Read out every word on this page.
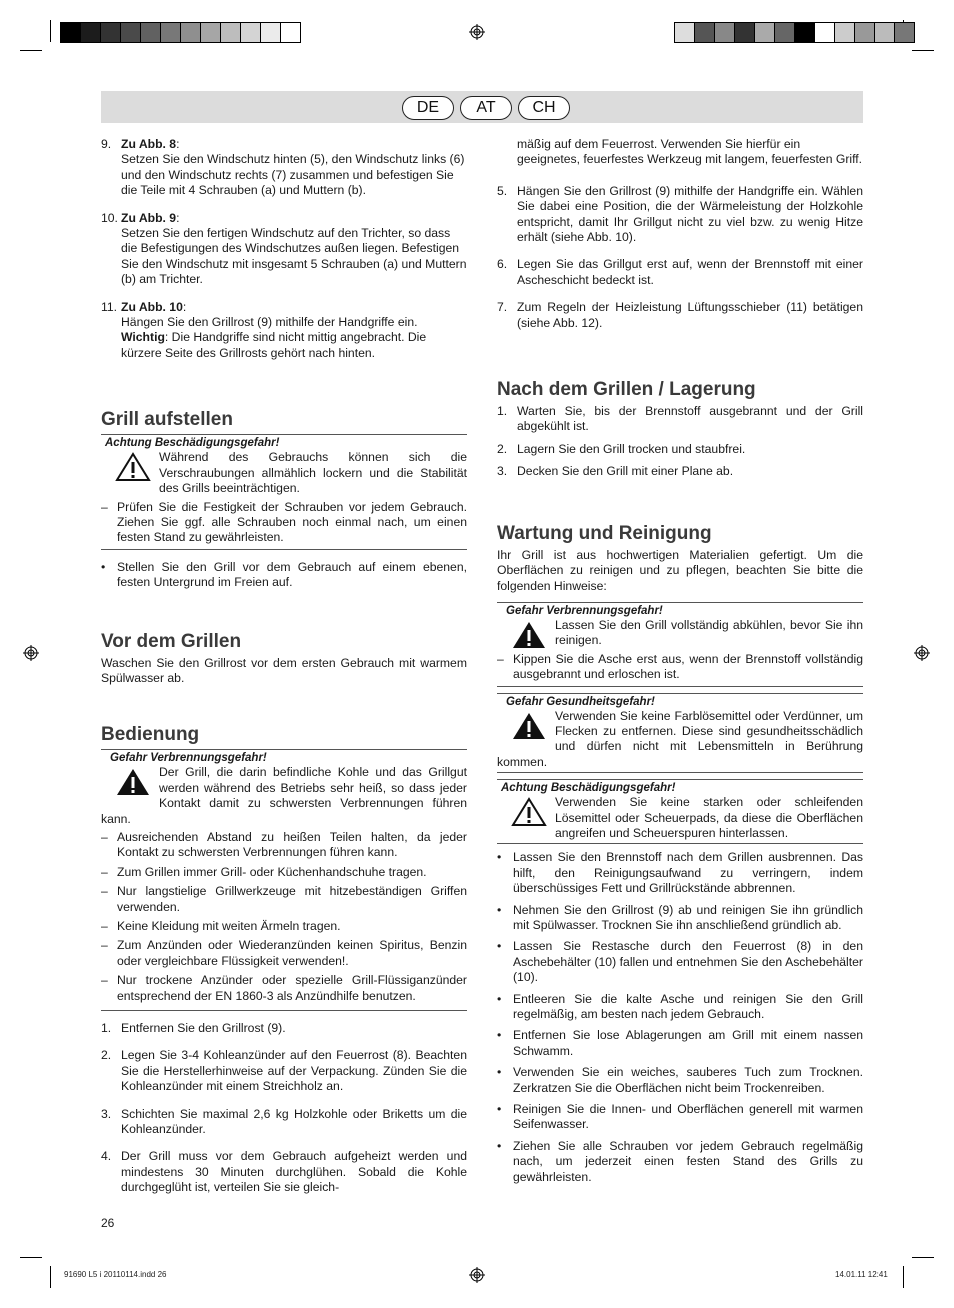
DE	AT	CH
9. Zu Abb. 8:
Setzen Sie den Windschutz hinten (5), den Windschutz links (6) und den Windschutz rechts (7) zusammen und befestigen Sie die Teile mit 4 Schrauben (a) und Muttern (b).
10. Zu Abb. 9:
Setzen Sie den fertigen Windschutz auf den Trichter, so dass die Befestigungen des Windschutzes außen liegen. Befestigen Sie den Windschutz mit insgesamt 5 Schrauben (a) und Muttern (b) am Trichter.
11. Zu Abb. 10:
Hängen Sie den Grillrost (9) mithilfe der Handgriffe ein.
Wichtig: Die Handgriffe sind nicht mittig angebracht. Die kürzere Seite des Grillrosts gehört nach hinten.
Grill aufstellen
Achtung Beschädigungsgefahr!
Während des Gebrauchs können sich die Verschraubungen allmählich lockern und die Stabilität des Grills beeinträchtigen.
– Prüfen Sie die Festigkeit der Schrauben vor jedem Gebrauch. Ziehen Sie ggf. alle Schrauben noch einmal nach, um einen festen Stand zu gewährleisten.
• Stellen Sie den Grill vor dem Gebrauch auf einem ebenen, festen Untergrund im Freien auf.
Vor dem Grillen

Waschen Sie den Grillrost vor dem ersten Gebrauch mit warmem Spülwasser ab.

Bedienung
Gefahr Verbrennungsgefahr!
Der Grill, die darin befindliche Kohle und das Grillgut werden während des Betriebs sehr heiß, so dass jeder Kontakt damit zu schwersten Verbrennungen führen kann.
– Ausreichenden Abstand zu heißen Teilen halten, da jeder Kontakt zu schwersten Verbrennungen führen kann.
– Zum Grillen immer Grill- oder Küchenhandschuhe tragen.
– Nur langstielige Grillwerkzeuge mit hitzebeständigen Griffen verwenden.
– Keine Kleidung mit weiten Ärmeln tragen.
– Zum Anzünden oder Wiederanzünden keinen Spiritus, Benzin oder vergleichbare Flüssigkeit verwenden!.
– Nur trockene Anzünder oder spezielle Grill-Flüssiganzünder entsprechend der EN 1860-3 als Anzündhilfe benutzen.
1. Entfernen Sie den Grillrost (9).
2. Legen Sie 3-4 Kohleanzünder auf den Feuerrost (8). Beachten Sie die Herstellerhinweise auf der Verpackung. Zünden Sie die Kohleanzünder mit einem Streichholz an.
3. Schichten Sie maximal 2,6 kg Holzkohle oder Briketts um die Kohleanzünder.
4. Der Grill muss vor dem Gebrauch aufgeheizt werden und mindestens 30 Minuten durchglühen. Sobald die Kohle durchgeglüht ist, verteilen Sie sie gleich-
mäßig auf dem Feuerrost. Verwenden Sie hierfür ein geeignetes, feuerfestes Werkzeug mit langem, feuerfesten Griff.
5. Hängen Sie den Grillrost (9) mithilfe der Handgriffe ein. Wählen Sie dabei eine Position, die der Wärmeleistung der Holzkohle entspricht, damit Ihr Grillgut nicht zu viel bzw. zu wenig Hitze erhält (siehe Abb. 10).
6. Legen Sie das Grillgut erst auf, wenn der Brennstoff mit einer Ascheschicht bedeckt ist.
7. Zum Regeln der Heizleistung Lüftungsschieber (11) betätigen (siehe Abb. 12).
Nach dem Grillen / Lagerung
1. Warten Sie, bis der Brennstoff ausgebrannt und der Grill abgekühlt ist.
2. Lagern Sie den Grill trocken und staubfrei.
3. Decken Sie den Grill mit einer Plane ab.
Wartung und Reinigung

Ihr Grill ist aus hochwertigen Materialien gefertigt. Um die Oberflächen zu reinigen und zu pflegen, beachten Sie bitte die folgenden Hinweise:

Gefahr Verbrennungsgefahr!
Lassen Sie den Grill vollständig abkühlen, bevor Sie ihn reinigen.
– Kippen Sie die Asche erst aus, wenn der Brennstoff vollständig ausgebrannt und erloschen ist.
Gefahr Gesundheitsgefahr!
Verwenden Sie keine Farblösemittel oder Verdünner, um Flecken zu entfernen. Diese sind gesundheitsschädlich und dürfen nicht mit Lebensmitteln in Berührung kommen.
Achtung Beschädigungsgefahr!
Verwenden Sie keine starken oder schleifenden Lösemittel oder Scheuerpads, da diese die Oberflächen angreifen und Scheuerspuren hinterlassen.
• Lassen Sie den Brennstoff nach dem Grillen ausbrennen. Das hilft, den Reinigungsaufwand zu verringern, indem überschüssiges Fett und Grillrückstände abbrennen.
• Nehmen Sie den Grillrost (9) ab und reinigen Sie ihn gründlich mit Spülwasser. Trocknen Sie ihn anschließend gründlich ab.
• Lassen Sie Restasche durch den Feuerrost (8) in den Aschebehälter (10) fallen und entnehmen Sie den Aschebehälter (10).
• Entleeren Sie die kalte Asche und reinigen Sie den Grill regelmäßig, am besten nach jedem Gebrauch.
• Entfernen Sie lose Ablagerungen am Grill mit einem nassen Schwamm.
• Verwenden Sie ein weiches, sauberes Tuch zum Trocknen. Zerkratzen Sie die Oberflächen nicht beim Trockenreiben.
• Reinigen Sie die Innen- und Oberflächen generell mit warmen Seifenwasser.
• Ziehen Sie alle Schrauben vor jedem Gebrauch regelmäßig nach, um jederzeit einen festen Stand des Grills zu gewährleisten.
26
91690 L5 i 20110114.indd 26	14.01.11 12:41
